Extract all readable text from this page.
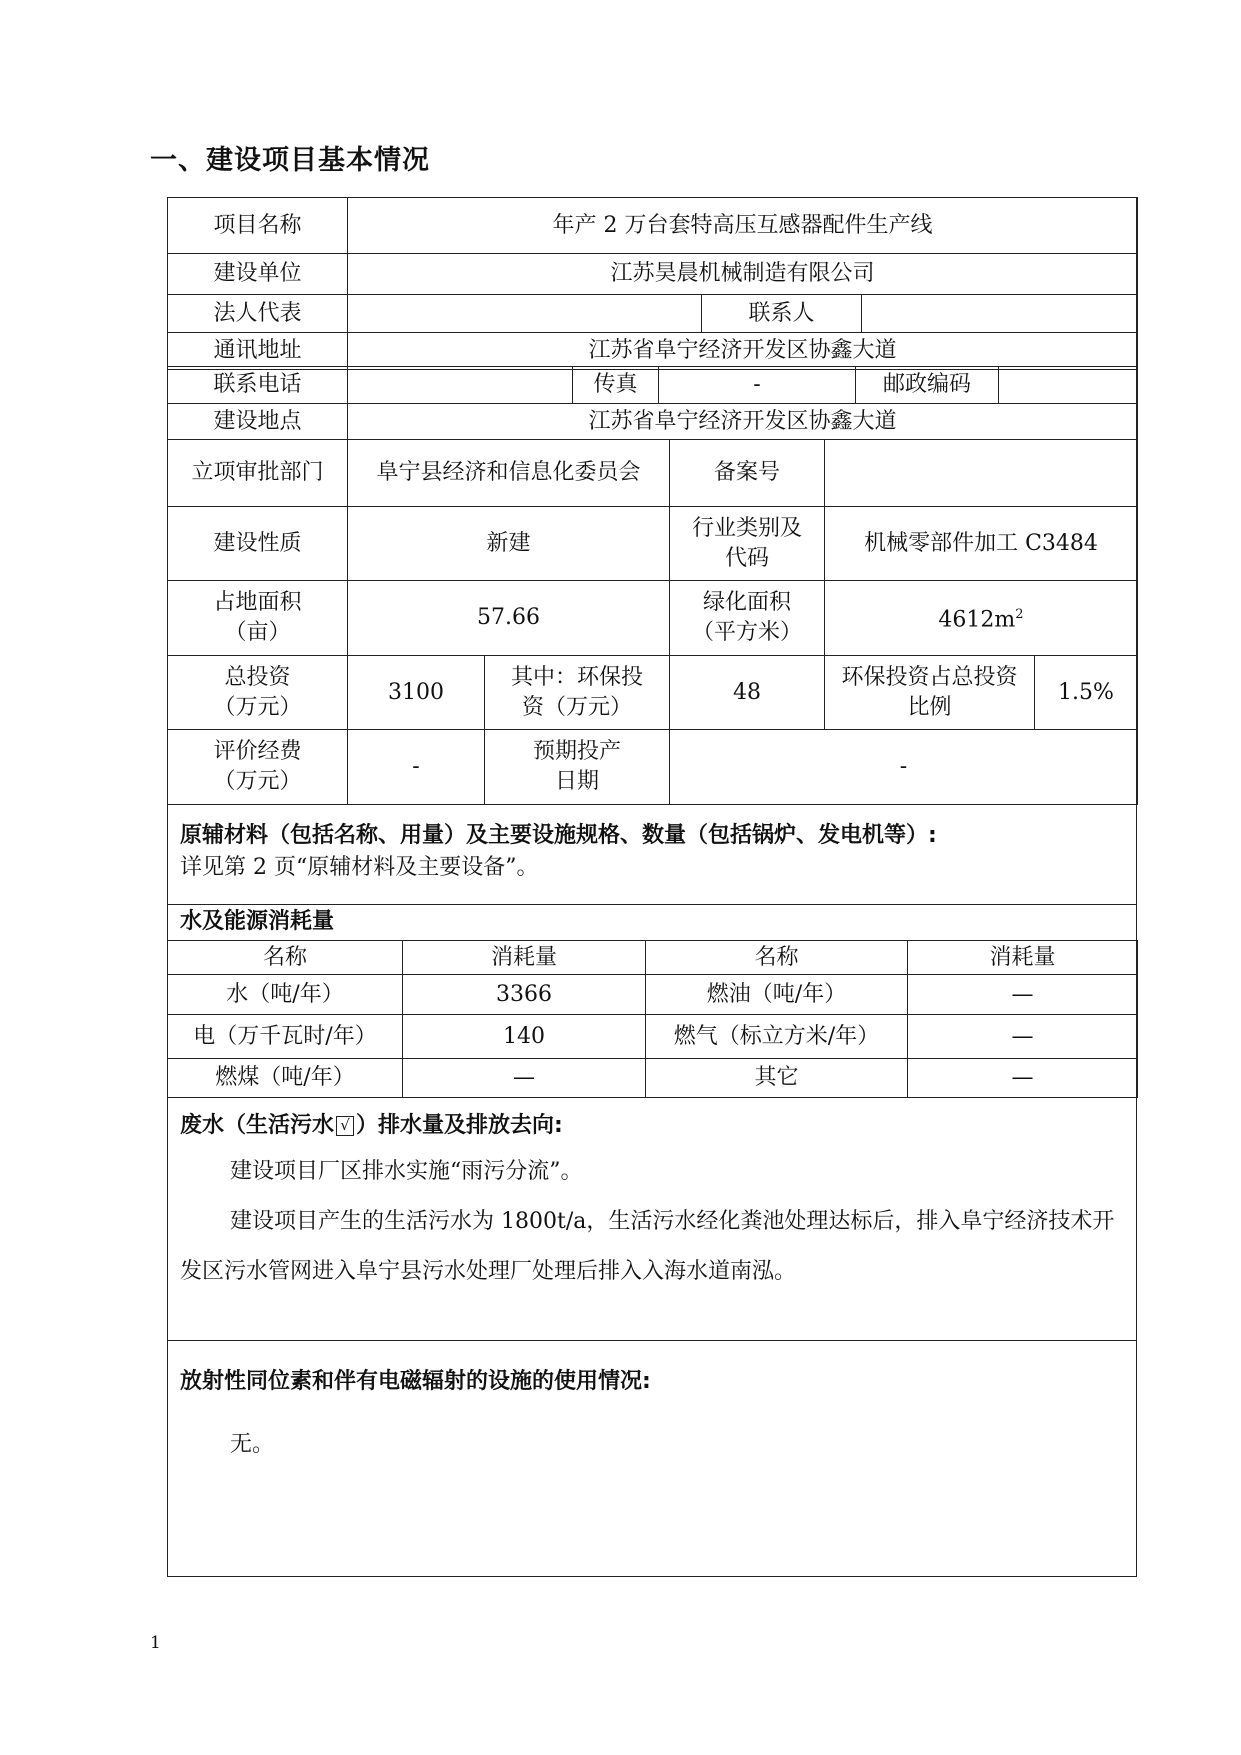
一、建设项目基本情况
项目名称	年产 2 万台套特高压互感器配件生产线		
建设单位	江苏昊晨机械制造有限公司		
法人代表		联系人	
通讯地址	江苏省阜宁经济开发区协鑫大道		
联系电话		传真	-	邮政编码	
建设地点	江苏省阜宁经济开发区协鑫大道		
立项审批部门	阜宁县经济和信息化委员会	备案号	
建设性质	新建	行业类别及代码	机械零部件加工 C3484
占地面积（亩）	57.66	绿化面积（平方米）	$4612m^2$
总投资（万元）	3100	其中：环保投资（万元）	48	环保投资占总投资比例	1.5%
评价经费（万元）	-	预期投产日期	-
原辅材料（包括名称、用量）及主要设施规格、数量（包括锅炉、发电机等）:
详见第 2 页“原辅材料及主要设备”。
水及能源消耗量
名称	消耗量	名称	消耗量
水（吨/年）	3366	燃油（吨/年）	—
电（万千瓦时/年）	140	燃气（标立方米/年）	—
燃煤（吨/年）	—	其它	—
废水（生活污水 √ ）排水量及排放去向:
建设项目厂区排水实施“雨污分流”。
建设项目产生的生活污水为 1800t/a，生活污水经化粪池处理达标后，排入阜宁经济技术开发区污水管网进入阜宁县污水处理厂处理后排入入海水道南泓。
放射性同位素和伴有电磁辐射的设施的使用情况:
无。
1
